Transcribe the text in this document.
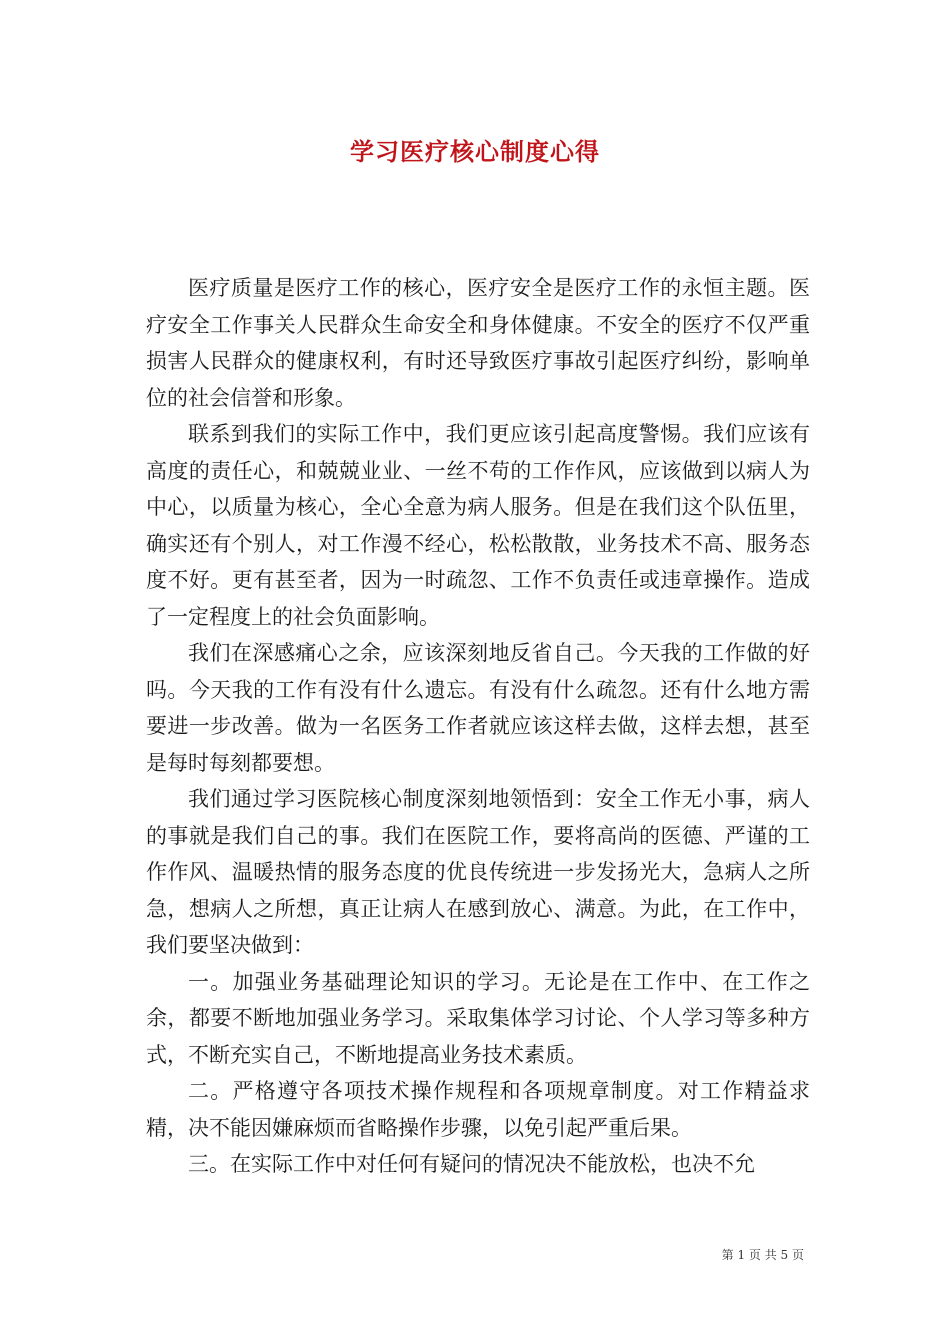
学习医疗核心制度心得

医疗质量是医疗工作的核心，医疗安全是医疗工作的永恒主题。医疗安全工作事关人民群众生命安全和身体健康。不安全的医疗不仅严重损害人民群众的健康权利，有时还导致医疗事故引起医疗纠纷，影响单位的社会信誉和形象。

联系到我们的实际工作中，我们更应该引起高度警惕。我们应该有高度的责任心，和兢兢业业、一丝不苟的工作作风，应该做到以病人为中心，以质量为核心，全心全意为病人服务。但是在我们这个队伍里，确实还有个别人，对工作漫不经心，松松散散，业务技术不高、服务态度不好。更有甚至者，因为一时疏忽、工作不负责任或违章操作。造成了一定程度上的社会负面影响。

我们在深感痛心之余，应该深刻地反省自己。今天我的工作做的好吗。今天我的工作有没有什么遗忘。有没有什么疏忽。还有什么地方需要进一步改善。做为一名医务工作者就应该这样去做，这样去想，甚至是每时每刻都要想。

我们通过学习医院核心制度深刻地领悟到：安全工作无小事，病人的事就是我们自己的事。我们在医院工作，要将高尚的医德、严谨的工作作风、温暖热情的服务态度的优良传统进一步发扬光大，急病人之所急，想病人之所想，真正让病人在感到放心、满意。为此，在工作中，我们要坚决做到：

一。加强业务基础理论知识的学习。无论是在工作中、在工作之余，都要不断地加强业务学习。采取集体学习讨论、个人学习等多种方式，不断充实自己，不断地提高业务技术素质。

二。严格遵守各项技术操作规程和各项规章制度。对工作精益求精，决不能因嫌麻烦而省略操作步骤，以免引起严重后果。

三。在实际工作中对任何有疑问的情况决不能放松，也决不允

第 1 页 共 5 页
